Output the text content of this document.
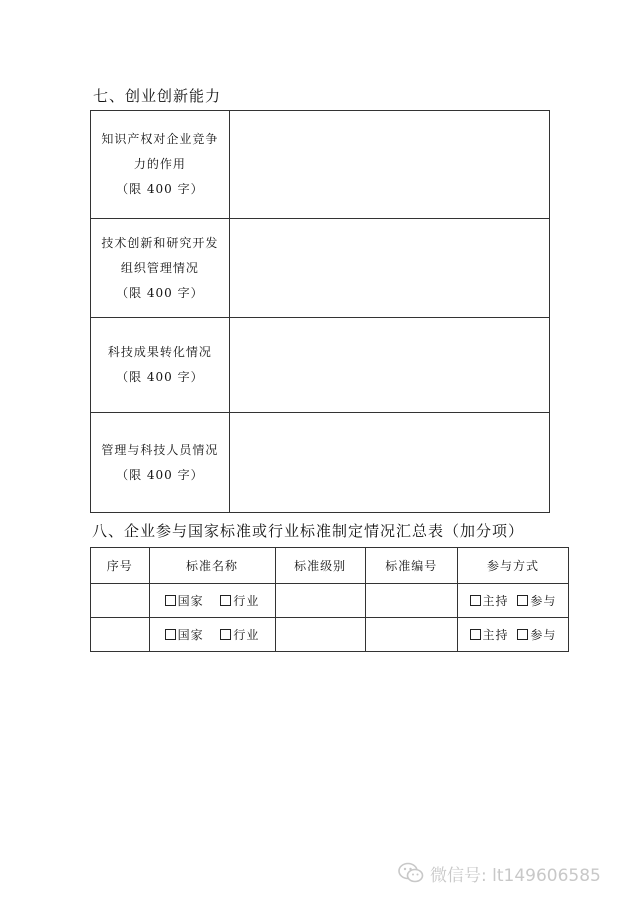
七、创业创新能力
知识产权对企业竞争
力的作用
（限 400 字）	

技术创新和研究开发
组织管理情况
（限 400 字）	

科技成果转化情况
（限 400 字）	

管理与科技人员情况
（限 400 字）	

八、企业参与国家标准或行业标准制定情况汇总表（加分项）
序号	标准名称	标准级别	标准编号	参与方式
	国家 行业			主持 参与
	国家 行业			主持 参与
微信号: lt149606585
